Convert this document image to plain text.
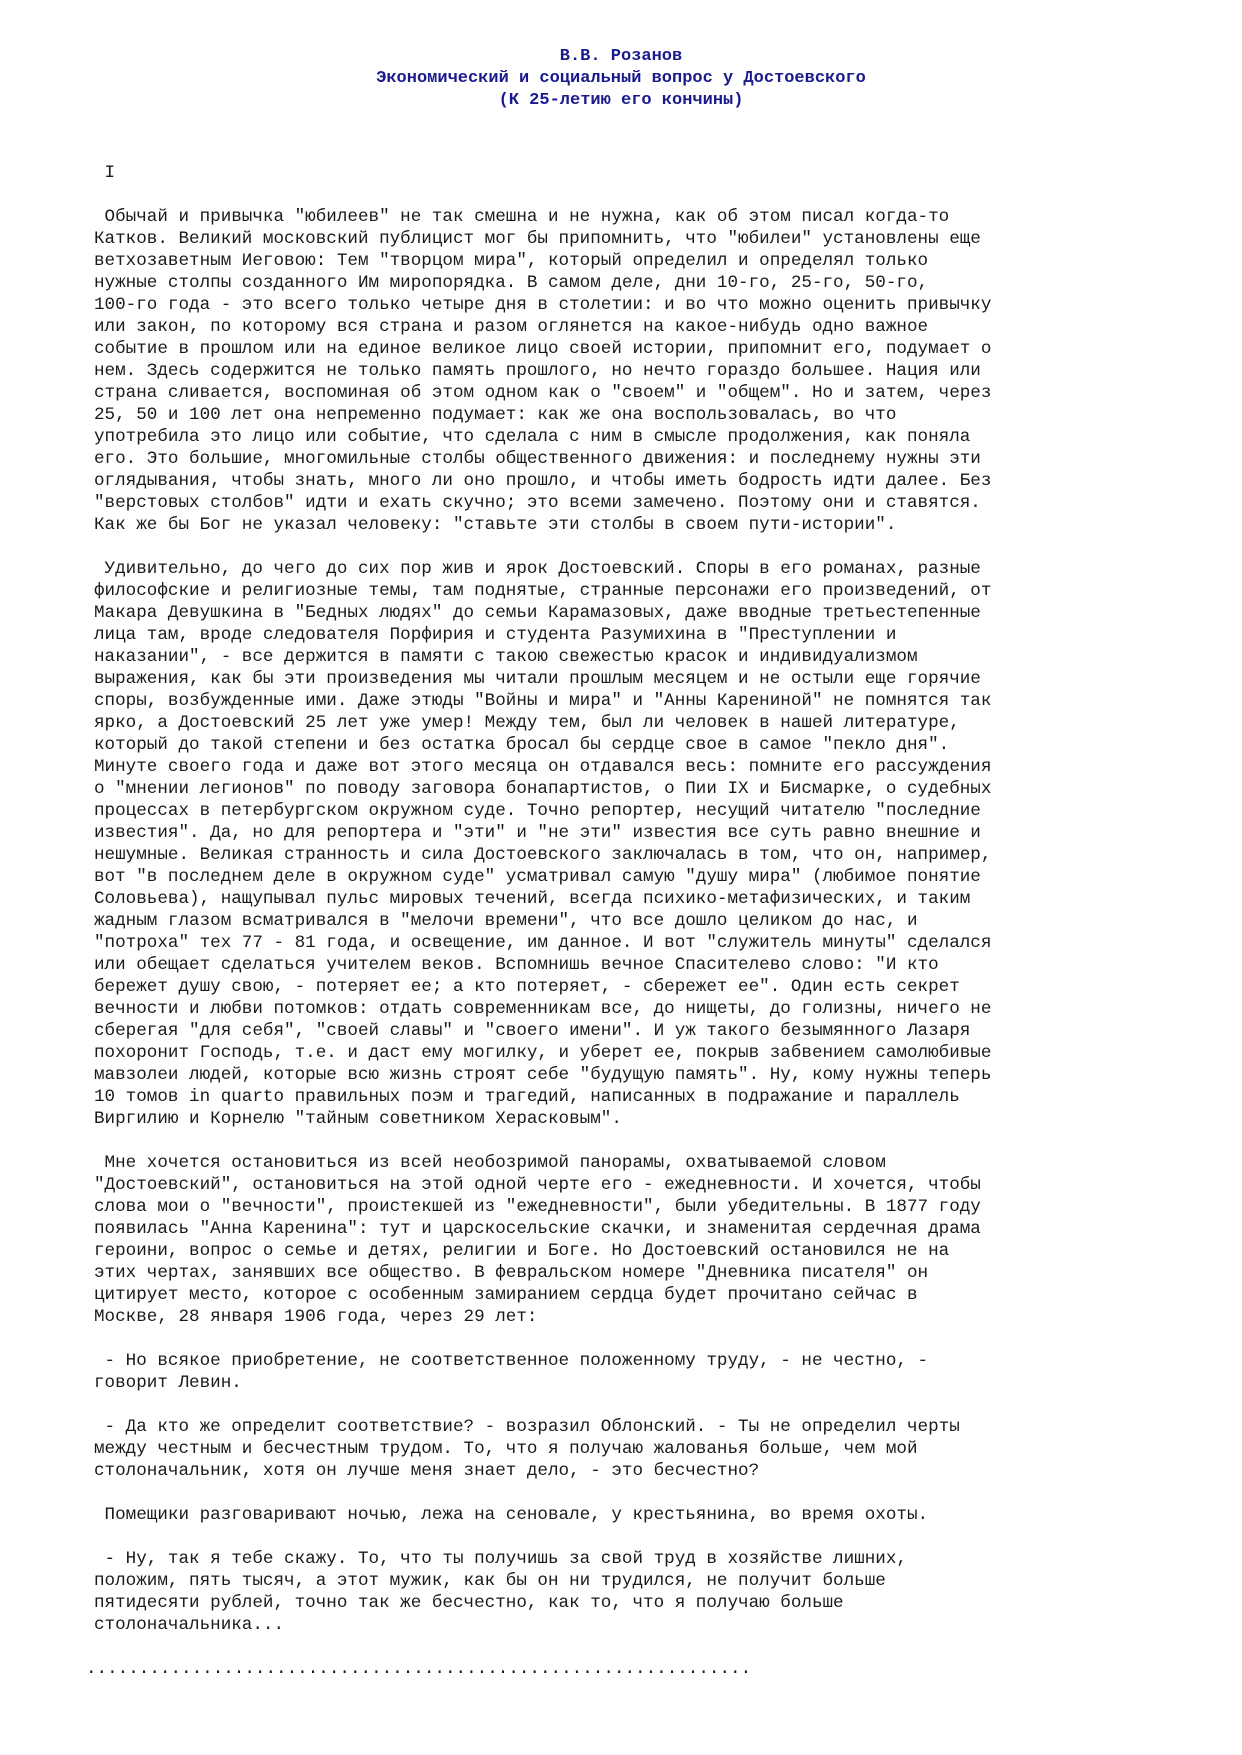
В.В. Розанов
Экономический и социальный вопрос у Достоевского
(К 25-летию его кончины)
I
Обычай и привычка "юбилеев" не так смешна и не нужна, как об этом писал когда-то
Катков. Великий московский публицист мог бы припомнить, что "юбилеи" установлены еще
ветхозаветным Иеговою: Тем "творцом мира", который определил и определял только
нужные столпы созданного Им миропорядка. В самом деле, дни 10-го, 25-го, 50-го,
100-го года - это всего только четыре дня в столетии: и во что можно оценить привычку
или закон, по которому вся страна и разом оглянется на какое-нибудь одно важное
событие в прошлом или на единое великое лицо своей истории, припомнит его, подумает о
нем. Здесь содержится не только память прошлого, но нечто гораздо большее. Нация или
страна сливается, воспоминая об этом одном как о "своем" и "общем". Но и затем, через
25, 50 и 100 лет она непременно подумает: как же она воспользовалась, во что
употребила это лицо или событие, что сделала с ним в смысле продолжения, как поняла
его. Это большие, многомильные столбы общественного движения: и последнему нужны эти
оглядывания, чтобы знать, много ли оно прошло, и чтобы иметь бодрость идти далее. Без
"верстовых столбов" идти и ехать скучно; это всеми замечено. Поэтому они и ставятся.
Как же бы Бог не указал человеку: "ставьте эти столбы в своем пути-истории".
Удивительно, до чего до сих пор жив и ярок Достоевский. Споры в его романах, разные
философские и религиозные темы, там поднятые, странные персонажи его произведений, от
Макара Девушкина в "Бедных людях" до семьи Карамазовых, даже вводные третьестепенные
лица там, вроде следователя Порфирия и студента Разумихина в "Преступлении и
наказании", - все держится в памяти с такою свежестью красок и индивидуализмом
выражения, как бы эти произведения мы читали прошлым месяцем и не остыли еще горячие
споры, возбужденные ими. Даже этюды "Войны и мира" и "Анны Карениной" не помнятся так
ярко, а Достоевский 25 лет уже умер! Между тем, был ли человек в нашей литературе,
который до такой степени и без остатка бросал бы сердце свое в самое "пекло дня".
Минуте своего года и даже вот этого месяца он отдавался весь: помните его рассуждения
о "мнении легионов" по поводу заговора бонапартистов, о Пии IX и Бисмарке, о судебных
процессах в петербургском окружном суде. Точно репортер, несущий читателю "последние
известия". Да, но для репортера и "эти" и "не эти" известия все суть равно внешние и
нешумные. Великая странность и сила Достоевского заключалась в том, что он, например,
вот "в последнем деле в окружном суде" усматривал самую "душу мира" (любимое понятие
Соловьева), нащупывал пульс мировых течений, всегда психико-метафизических, и таким
жадным глазом всматривался в "мелочи времени", что все дошло целиком до нас, и
"потроха" тех 77 - 81 года, и освещение, им данное. И вот "служитель минуты" сделался
или обещает сделаться учителем веков. Вспомнишь вечное Спасителево слово: "И кто
бережет душу свою, - потеряет ее; а кто потеряет, - сбережет ее". Один есть секрет
вечности и любви потомков: отдать современникам все, до нищеты, до голизны, ничего не
сберегая "для себя", "своей славы" и "своего имени". И уж такого безымянного Лазаря
похоронит Господь, т.е. и даст ему могилку, и уберет ее, покрыв забвением самолюбивые
мавзолеи людей, которые всю жизнь строят себе "будущую память". Ну, кому нужны теперь
10 томов in quarto правильных поэм и трагедий, написанных в подражание и параллель
Виргилию и Корнелю "тайным советником Херасковым".
Мне хочется остановиться из всей необозримой панорамы, охватываемой словом
"Достоевский", остановиться на этой одной черте его - ежедневности. И хочется, чтобы
слова мои о "вечности", проистекшей из "ежедневности", были убедительны. В 1877 году
появилась "Анна Каренина": тут и царскосельские скачки, и знаменитая сердечная драма
героини, вопрос о семье и детях, религии и Боге. Но Достоевский остановился не на
этих чертах, занявших все общество. В февральском номере "Дневника писателя" он
цитирует место, которое с особенным замиранием сердца будет прочитано сейчас в
Москве, 28 января 1906 года, через 29 лет:
- Но всякое приобретение, не соответственное положенному труду, - не честно, -
говорит Левин.
- Да кто же определит соответствие? - возразил Облонский. - Ты не определил черты
между честным и бесчестным трудом. То, что я получаю жалованья больше, чем мой
столоначальник, хотя он лучше меня знает дело, - это бесчестно?
Помещики разговаривают ночью, лежа на сеновале, у крестьянина, во время охоты.
- Ну, так я тебе скажу. То, что ты получишь за свой труд в хозяйстве лишних,
положим, пять тысяч, а этот мужик, как бы он ни трудился, не получит больше
пятидесяти рублей, точно так же бесчестно, как то, что я получаю больше
столоначальника...
...............................................................
